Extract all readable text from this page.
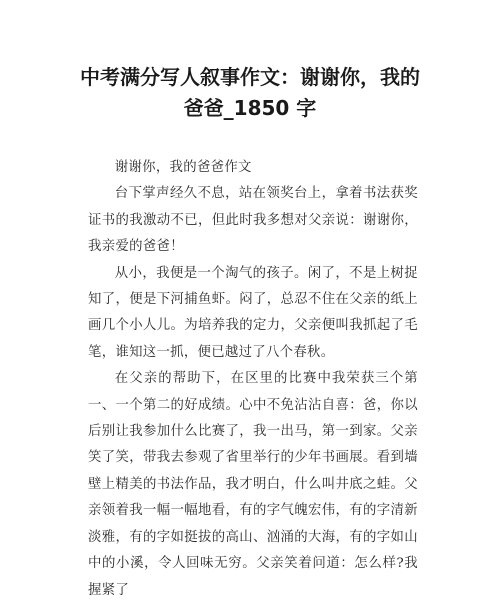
中考满分写人叙事作文：谢谢你，我的
爸爸_1850 字

谢谢你，我的爸爸作文

台下掌声经久不息，站在领奖台上，拿着书法获奖证书的我激动不已，但此时我多想对父亲说：谢谢你，我亲爱的爸爸！

从小，我便是一个淘气的孩子。闲了，不是上树捉知了，便是下河捕鱼虾。闷了，总忍不住在父亲的纸上画几个小人儿。为培养我的定力，父亲便叫我抓起了毛笔，谁知这一抓，便已越过了八个春秋。

在父亲的帮助下，在区里的比赛中我荣获三个第一、一个第二的好成绩。心中不免沾沾自喜：爸，你以后别让我参加什么比赛了，我一出马，第一到家。父亲笑了笑，带我去参观了省里举行的少年书画展。看到墙壁上精美的书法作品，我才明白，什么叫井底之蛙。父亲领着我一幅一幅地看，有的字气魄宏伟，有的字清新淡雅，有的字如挺拔的高山、汹涌的大海，有的字如山中的小溪，令人回味无穷。父亲笑着问道：怎么样?我握紧了
